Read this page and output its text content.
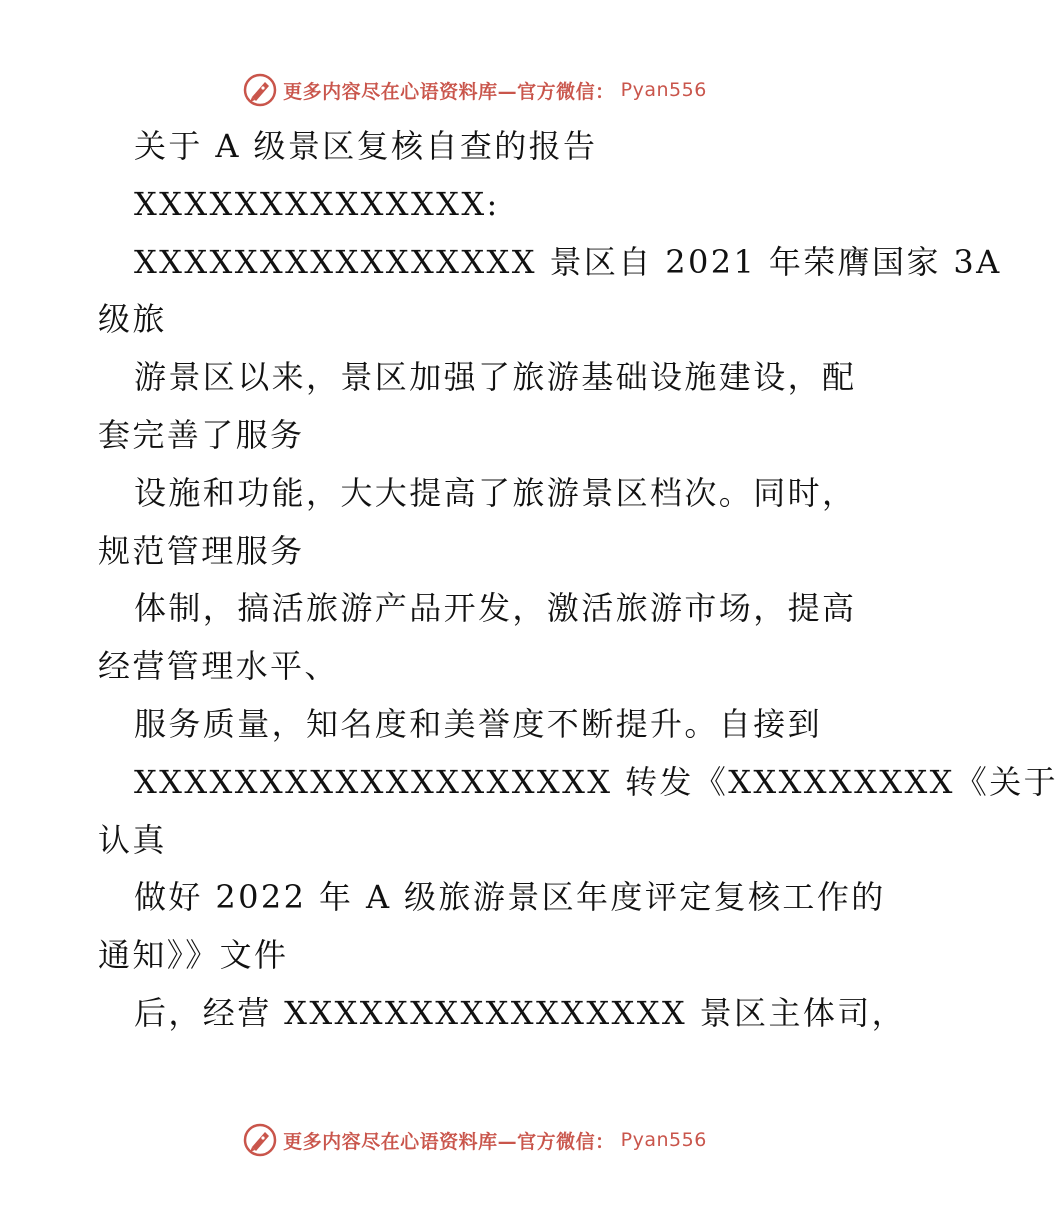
更多内容尽在心语资料库—官方微信： Pyan556
关于 A 级景区复核自查的报告
XXXXXXXXXXXXXX:
XXXXXXXXXXXXXXXX 景区自 2021 年荣膺国家 3A
级旅
游景区以来，景区加强了旅游基础设施建设，配
套完善了服务
设施和功能，大大提高了旅游景区档次。同时，
规范管理服务
体制，搞活旅游产品开发，激活旅游市场，提高
经营管理水平、
服务质量，知名度和美誉度不断提升。自接到
XXXXXXXXXXXXXXXXXXX 转发《XXXXXXXXX《关于
认真
做好 2022 年 A 级旅游景区年度评定复核工作的
通知》》文件
后，经营 XXXXXXXXXXXXXXXX 景区主体司，
更多内容尽在心语资料库—官方微信： Pyan556
